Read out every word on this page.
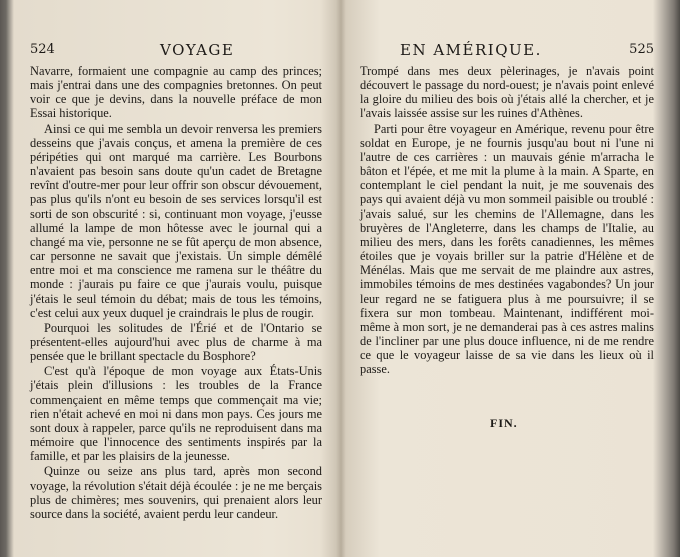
524	VOYAGE

Navarre, formaient une compagnie au camp des princes; mais j'entrai dans une des compagnies bretonnes. On peut voir ce que je devins, dans la nouvelle préface de mon Essai historique.

Ainsi ce qui me sembla un devoir renversa les premiers desseins que j'avais conçus, et amena la première de ces péripéties qui ont marqué ma carrière. Les Bourbons n'avaient pas besoin sans doute qu'un cadet de Bretagne revînt d'outre-mer pour leur offrir son obscur dévouement, pas plus qu'ils n'ont eu besoin de ses services lorsqu'il est sorti de son obscurité : si, continuant mon voyage, j'eusse allumé la lampe de mon hôtesse avec le journal qui a changé ma vie, personne ne se fût aperçu de mon absence, car personne ne savait que j'existais. Un simple démêlé entre moi et ma conscience me ramena sur le théâtre du monde : j'aurais pu faire ce que j'aurais voulu, puisque j'étais le seul témoin du débat; mais de tous les témoins, c'est celui aux yeux duquel je craindrais le plus de rougir.

Pourquoi les solitudes de l'Érié et de l'Ontario se présentent-elles aujourd'hui avec plus de charme à ma pensée que le brillant spectacle du Bosphore?

C'est qu'à l'époque de mon voyage aux États-Unis j'étais plein d'illusions : les troubles de la France commençaient en même temps que commençait ma vie; rien n'était achevé en moi ni dans mon pays. Ces jours me sont doux à rappeler, parce qu'ils ne reproduisent dans ma mémoire que l'innocence des sentiments inspirés par la famille, et par les plaisirs de la jeunesse.

Quinze ou seize ans plus tard, après mon second voyage, la révolution s'était déjà écoulée : je ne me berçais plus de chimères; mes souvenirs, qui prenaient alors leur source dans la société, avaient perdu leur candeur.

EN AMÉRIQUE.	525

Trompé dans mes deux pèlerinages, je n'avais point découvert le passage du nord-ouest; je n'avais point enlevé la gloire du milieu des bois où j'étais allé la chercher, et je l'avais laissée assise sur les ruines d'Athènes.

Parti pour être voyageur en Amérique, revenu pour être soldat en Europe, je ne fournis jusqu'au bout ni l'une ni l'autre de ces carrières : un mauvais génie m'arracha le bâton et l'épée, et me mit la plume à la main. A Sparte, en contemplant le ciel pendant la nuit, je me souvenais des pays qui avaient déjà vu mon sommeil paisible ou troublé : j'avais salué, sur les chemins de l'Allemagne, dans les bruyères de l'Angleterre, dans les champs de l'Italie, au milieu des mers, dans les forêts canadiennes, les mêmes étoiles que je voyais briller sur la patrie d'Hélène et de Ménélas. Mais que me servait de me plaindre aux astres, immobiles témoins de mes destinées vagabondes? Un jour leur regard ne se fatiguera plus à me poursuivre; il se fixera sur mon tombeau. Maintenant, indifférent moi-même à mon sort, je ne demanderai pas à ces astres malins de l'incliner par une plus douce influence, ni de me rendre ce que le voyageur laisse de sa vie dans les lieux où il passe.

FIN.
